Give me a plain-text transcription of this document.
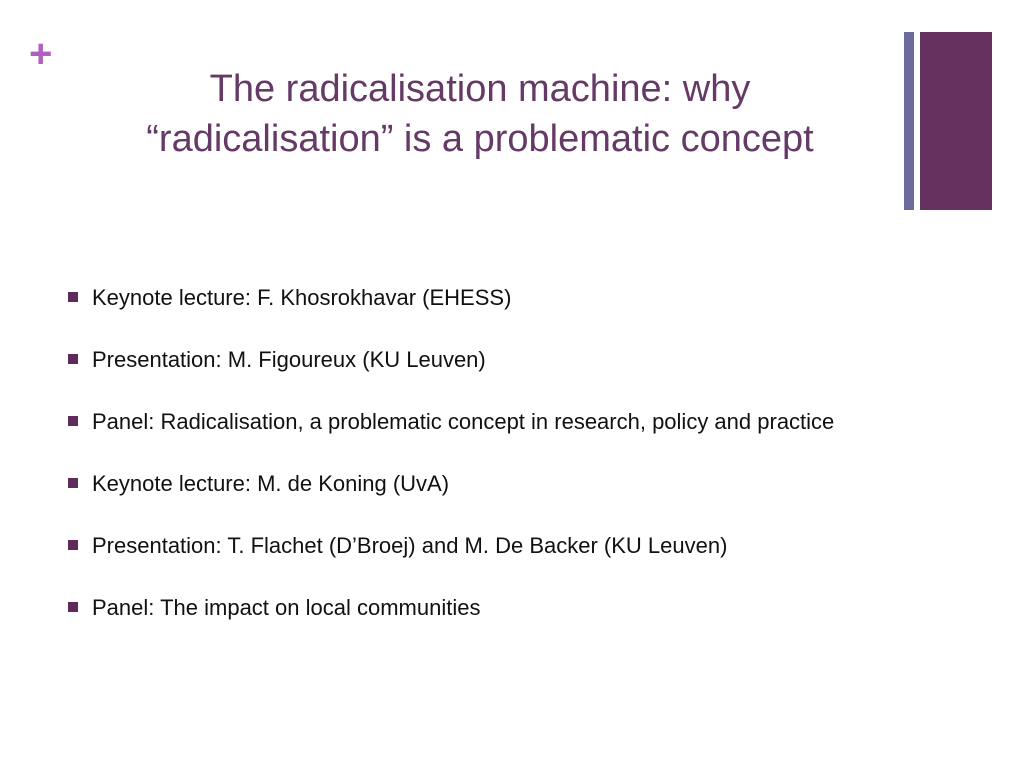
+
The radicalisation machine: why
“radicalisation” is a problematic concept
Keynote lecture: F. Khosrokhavar (EHESS)
Presentation: M. Figoureux (KU Leuven)
Panel: Radicalisation, a problematic concept in research, policy and practice
Keynote lecture: M. de Koning (UvA)
Presentation: T. Flachet (D’Broej) and M. De Backer (KU Leuven)
Panel: The impact on local communities
